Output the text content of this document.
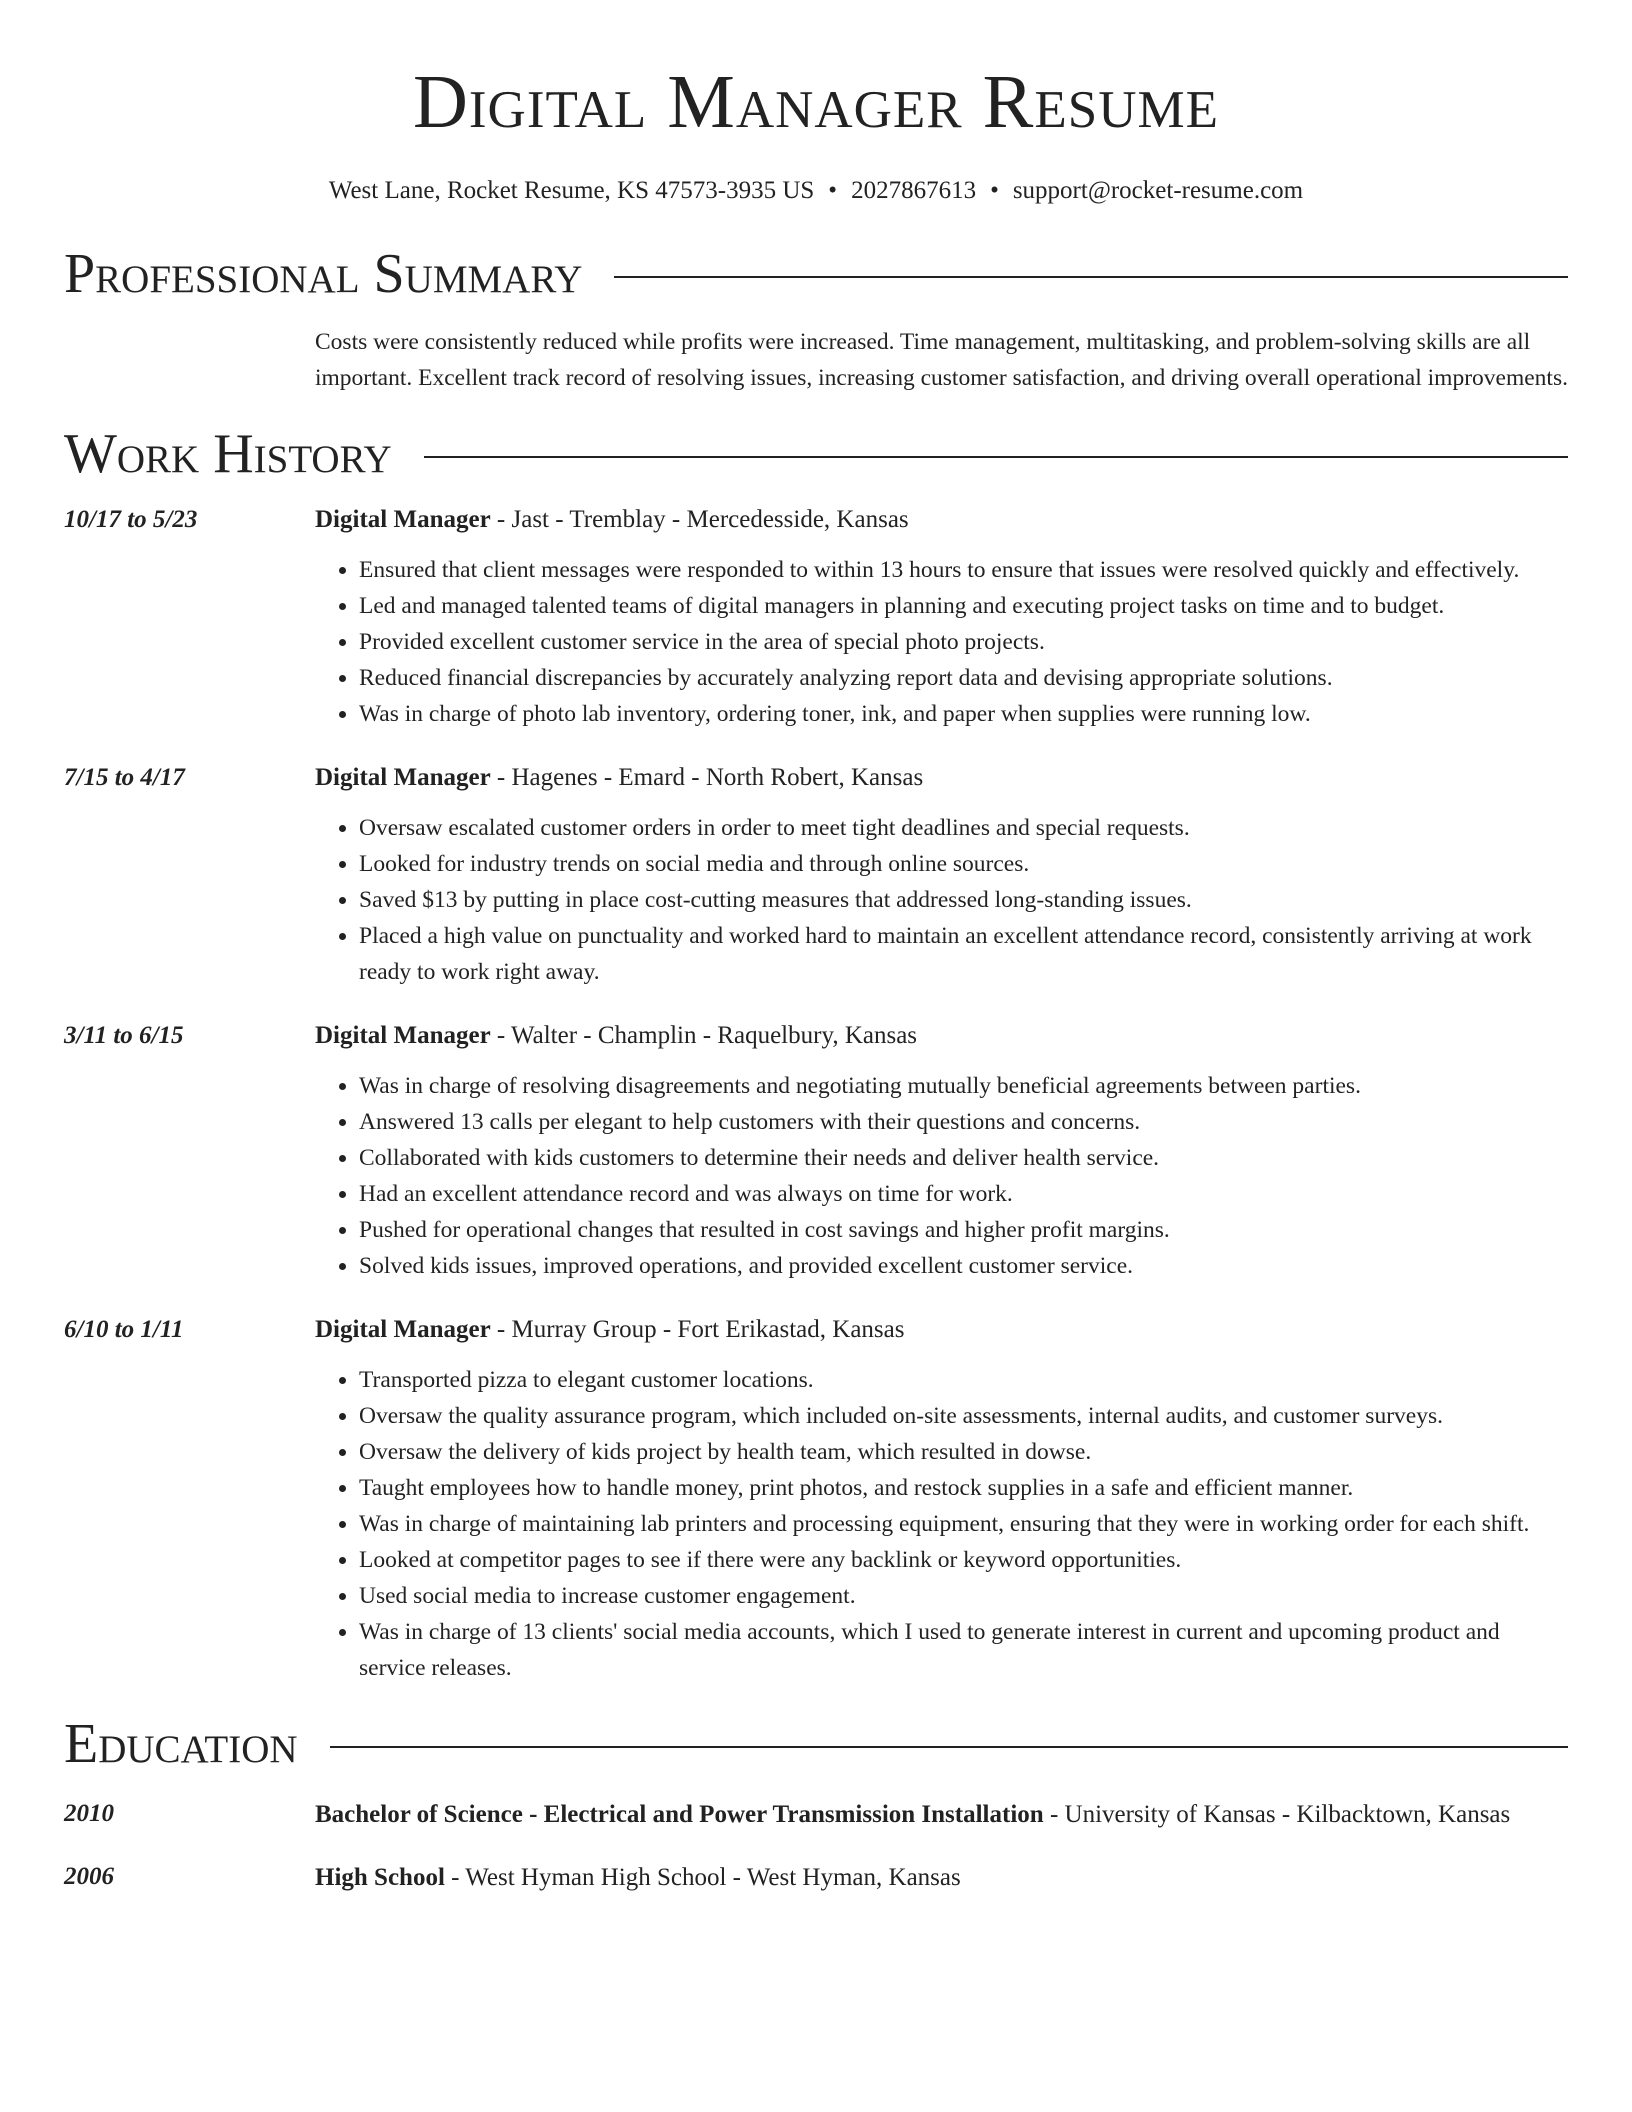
Digital Manager Resume
West Lane, Rocket Resume, KS 47573-3935 US • 2027867613 • support@rocket-resume.com
Professional Summary
Costs were consistently reduced while profits were increased. Time management, multitasking, and problem-solving skills are all important. Excellent track record of resolving issues, increasing customer satisfaction, and driving overall operational improvements.
Work History
10/17 to 5/23	Digital Manager - Jast - Tremblay - Mercedesside, Kansas
• Ensured that client messages were responded to within 13 hours to ensure that issues were resolved quickly and effectively.
• Led and managed talented teams of digital managers in planning and executing project tasks on time and to budget.
• Provided excellent customer service in the area of special photo projects.
• Reduced financial discrepancies by accurately analyzing report data and devising appropriate solutions.
• Was in charge of photo lab inventory, ordering toner, ink, and paper when supplies were running low.
7/15 to 4/17	Digital Manager - Hagenes - Emard - North Robert, Kansas
• Oversaw escalated customer orders in order to meet tight deadlines and special requests.
• Looked for industry trends on social media and through online sources.
• Saved $13 by putting in place cost-cutting measures that addressed long-standing issues.
• Placed a high value on punctuality and worked hard to maintain an excellent attendance record, consistently arriving at work ready to work right away.
3/11 to 6/15	Digital Manager - Walter - Champlin - Raquelbury, Kansas
• Was in charge of resolving disagreements and negotiating mutually beneficial agreements between parties.
• Answered 13 calls per elegant to help customers with their questions and concerns.
• Collaborated with kids customers to determine their needs and deliver health service.
• Had an excellent attendance record and was always on time for work.
• Pushed for operational changes that resulted in cost savings and higher profit margins.
• Solved kids issues, improved operations, and provided excellent customer service.
6/10 to 1/11	Digital Manager - Murray Group - Fort Erikastad, Kansas
• Transported pizza to elegant customer locations.
• Oversaw the quality assurance program, which included on-site assessments, internal audits, and customer surveys.
• Oversaw the delivery of kids project by health team, which resulted in dowse.
• Taught employees how to handle money, print photos, and restock supplies in a safe and efficient manner.
• Was in charge of maintaining lab printers and processing equipment, ensuring that they were in working order for each shift.
• Looked at competitor pages to see if there were any backlink or keyword opportunities.
• Used social media to increase customer engagement.
• Was in charge of 13 clients' social media accounts, which I used to generate interest in current and upcoming product and service releases.
Education
2010	Bachelor of Science - Electrical and Power Transmission Installation - University of Kansas - Kilbacktown, Kansas
2006	High School - West Hyman High School - West Hyman, Kansas
